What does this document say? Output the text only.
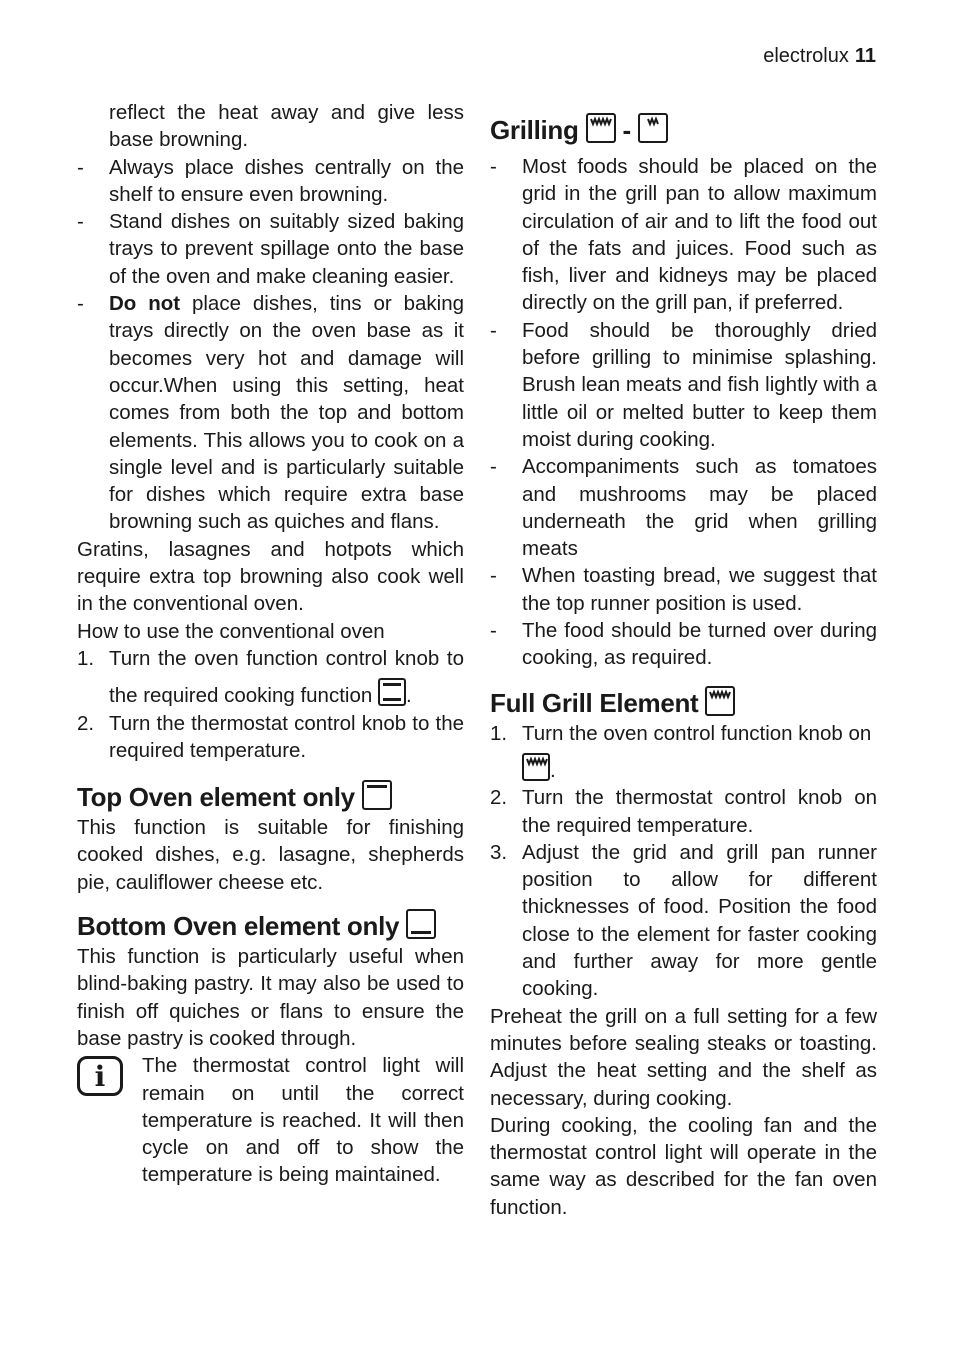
electrolux 11
reflect the heat away and give less base browning.
- Always place dishes centrally on the shelf to ensure even browning.
- Stand dishes on suitably sized baking trays to prevent spillage onto the base of the oven and make cleaning easier.
- Do not place dishes, tins or baking trays directly on the oven base as it becomes very hot and damage will occur.When using this setting, heat comes from both the top and bottom elements. This allows you to cook on a single level and is particularly suitable for dishes which require extra base browning such as quiches and flans.

Gratins, lasagnes and hotpots which require extra top browning also cook well in the conventional oven.

How to use the conventional oven

1. Turn the oven function control knob to the required cooking function .
2. Turn the thermostat control knob to the required temperature.
Top Oven element only

This function is suitable for finishing cooked dishes, e.g. lasagne, shepherds pie, cauliflower cheese etc.

Bottom Oven element only

This function is particularly useful when blind-baking pastry. It may also be used to finish off quiches or flans to ensure the base pastry is cooked through.

i The thermostat control light will remain on until the correct temperature is reached. It will then cycle on and off to show the temperature is being maintained.
Grilling -
- Most foods should be placed on the grid in the grill pan to allow maximum circulation of air and to lift the food out of the fats and juices. Food such as fish, liver and kidneys may be placed directly on the grill pan, if preferred.
- Food should be thoroughly dried before grilling to minimise splashing. Brush lean meats and fish lightly with a little oil or melted butter to keep them moist during cooking.
- Accompaniments such as tomatoes and mushrooms may be placed underneath the grid when grilling meats
- When toasting bread, we suggest that the top runner position is used.
- The food should be turned over during cooking, as required.
Full Grill Element
1. Turn the oven control function knob on
.
2. Turn the thermostat control knob on the required temperature.
3. Adjust the grid and grill pan runner position to allow for different thicknesses of food. Position the food close to the element for faster cooking and further away for more gentle cooking.

Preheat the grill on a full setting for a few minutes before sealing steaks or toasting. Adjust the heat setting and the shelf as necessary, during cooking.

During cooking, the cooling fan and the thermostat control light will operate in the same way as described for the fan oven function.
